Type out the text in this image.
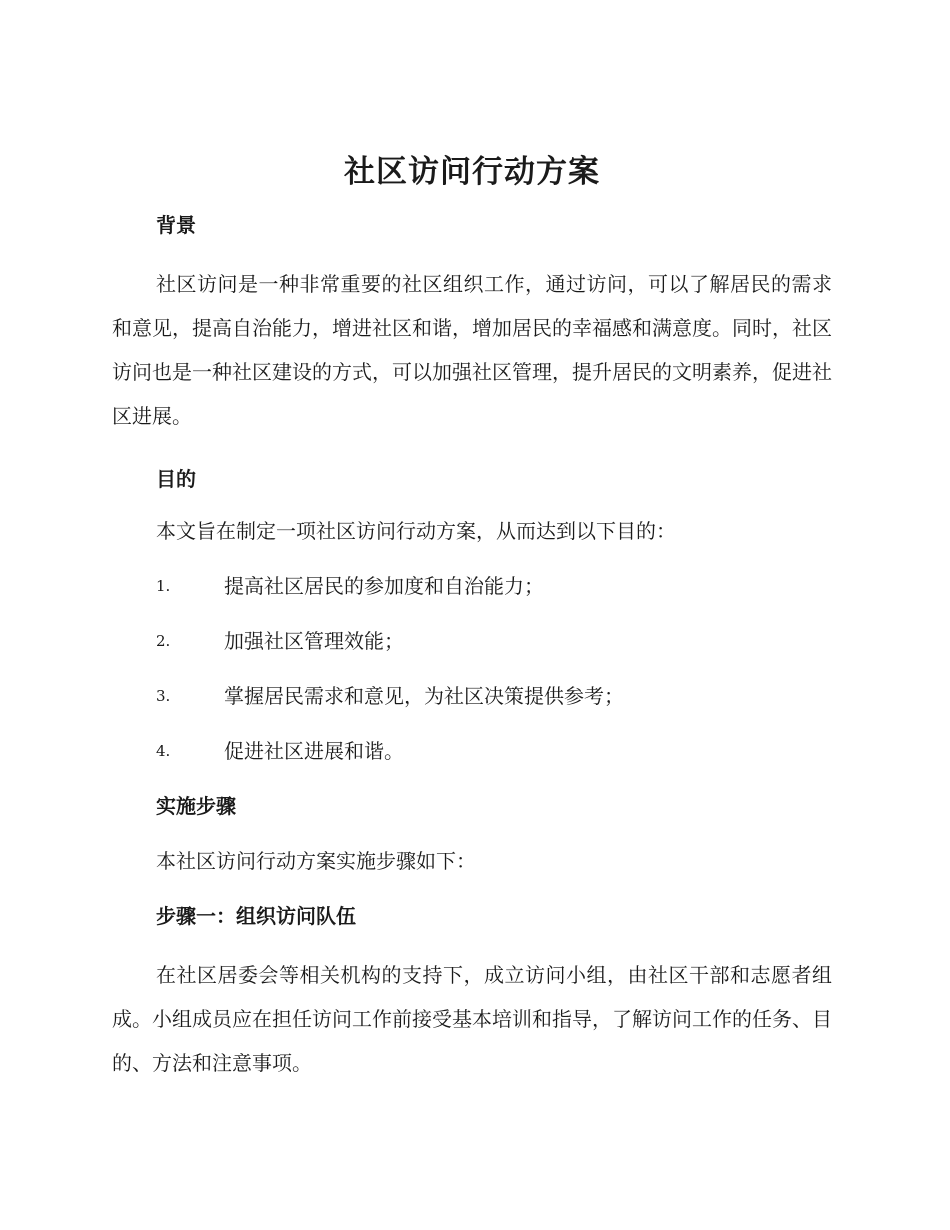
社区访问行动方案
背景

社区访问是一种非常重要的社区组织工作，通过访问，可以了解居民的需求和意见，提高自治能力，增进社区和谐，增加居民的幸福感和满意度。同时，社区访问也是一种社区建设的方式，可以加强社区管理，提升居民的文明素养，促进社区进展。

目的

本文旨在制定一项社区访问行动方案，从而达到以下目的：

1.	提高社区居民的参加度和自治能力；
2.	加强社区管理效能；
3.	掌握居民需求和意见，为社区决策提供参考；
4.	促进社区进展和谐。
实施步骤

本社区访问行动方案实施步骤如下：

步骤一：组织访问队伍

在社区居委会等相关机构的支持下，成立访问小组，由社区干部和志愿者组成。小组成员应在担任访问工作前接受基本培训和指导，了解访问工作的任务、目的、方法和注意事项。
